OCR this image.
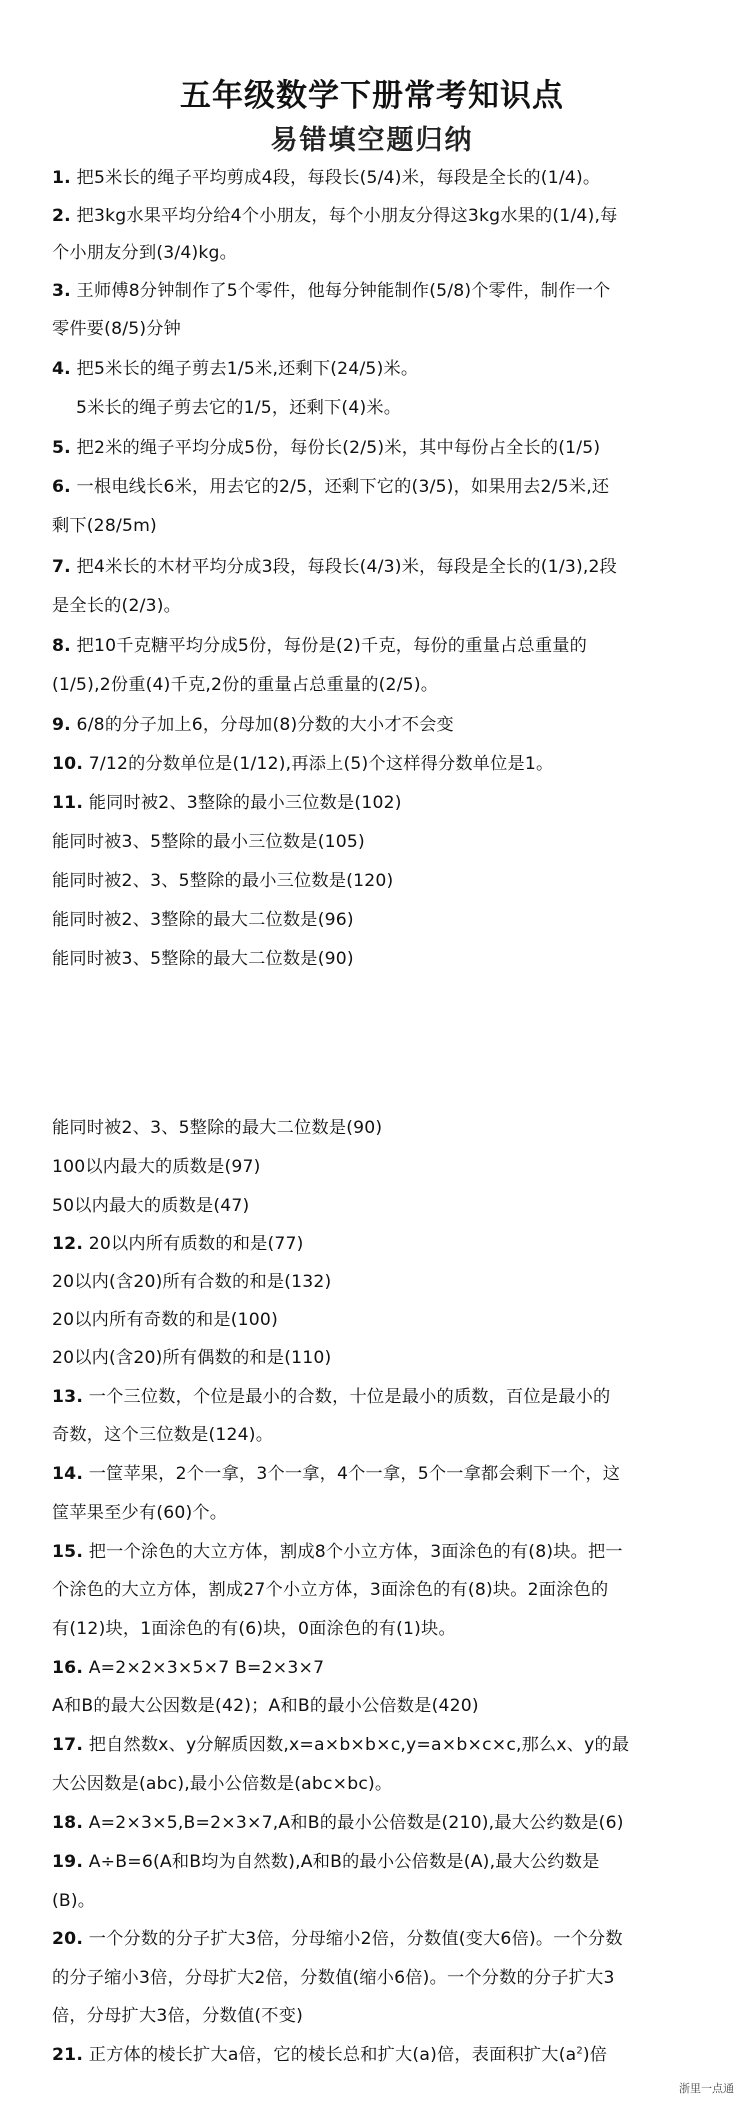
五年级数学下册常考知识点
易错填空题归纳
1. 把5米长的绳子平均剪成4段，每段长(5/4)米，每段是全长的(1/4)。
2. 把3kg水果平均分给4个小朋友，每个小朋友分得这3kg水果的(1/4),每
个小朋友分到(3/4)kg。
3. 王师傅8分钟制作了5个零件，他每分钟能制作(5/8)个零件，制作一个
零件要(8/5)分钟
4. 把5米长的绳子剪去1/5米,还剩下(24/5)米。
5米长的绳子剪去它的1/5，还剩下(4)米。
5. 把2米的绳子平均分成5份，每份长(2/5)米，其中每份占全长的(1/5)
6. 一根电线长6米，用去它的2/5，还剩下它的(3/5)，如果用去2/5米,还
剩下(28/5m)
7. 把4米长的木材平均分成3段，每段长(4/3)米，每段是全长的(1/3),2段
是全长的(2/3)。
8. 把10千克糖平均分成5份，每份是(2)千克，每份的重量占总重量的
(1/5),2份重(4)千克,2份的重量占总重量的(2/5)。
9. 6/8的分子加上6，分母加(8)分数的大小才不会变
10. 7/12的分数单位是(1/12),再添上(5)个这样得分数单位是1。
11. 能同时被2、3整除的最小三位数是(102)
能同时被3、5整除的最小三位数是(105)
能同时被2、3、5整除的最小三位数是(120)
能同时被2、3整除的最大二位数是(96)
能同时被3、5整除的最大二位数是(90)
能同时被2、3、5整除的最大二位数是(90)
100以内最大的质数是(97)
50以内最大的质数是(47)
12. 20以内所有质数的和是(77)
20以内(含20)所有合数的和是(132)
20以内所有奇数的和是(100)
20以内(含20)所有偶数的和是(110)
13. 一个三位数，个位是最小的合数，十位是最小的质数，百位是最小的
奇数，这个三位数是(124)。
14. 一筐苹果，2个一拿，3个一拿，4个一拿，5个一拿都会剩下一个，这
筐苹果至少有(60)个。
15. 把一个涂色的大立方体，割成8个小立方体，3面涂色的有(8)块。把一
个涂色的大立方体，割成27个小立方体，3面涂色的有(8)块。2面涂色的
有(12)块，1面涂色的有(6)块，0面涂色的有(1)块。
16. A=2×2×3×5×7 B=2×3×7
A和B的最大公因数是(42)；A和B的最小公倍数是(420)
17. 把自然数x、y分解质因数,x=a×b×b×c,y=a×b×c×c,那么x、y的最
大公因数是(abc),最小公倍数是(abc×bc)。
18. A=2×3×5,B=2×3×7,A和B的最小公倍数是(210),最大公约数是(6)
19. A÷B=6(A和B均为自然数),A和B的最小公倍数是(A),最大公约数是
(B)。
20. 一个分数的分子扩大3倍，分母缩小2倍，分数值(变大6倍)。一个分数
的分子缩小3倍，分母扩大2倍，分数值(缩小6倍)。一个分数的分子扩大3
倍，分母扩大3倍，分数值(不变)
21. 正方体的棱长扩大a倍，它的棱长总和扩大(a)倍，表面积扩大$(a^2)$倍
浙里一点通
